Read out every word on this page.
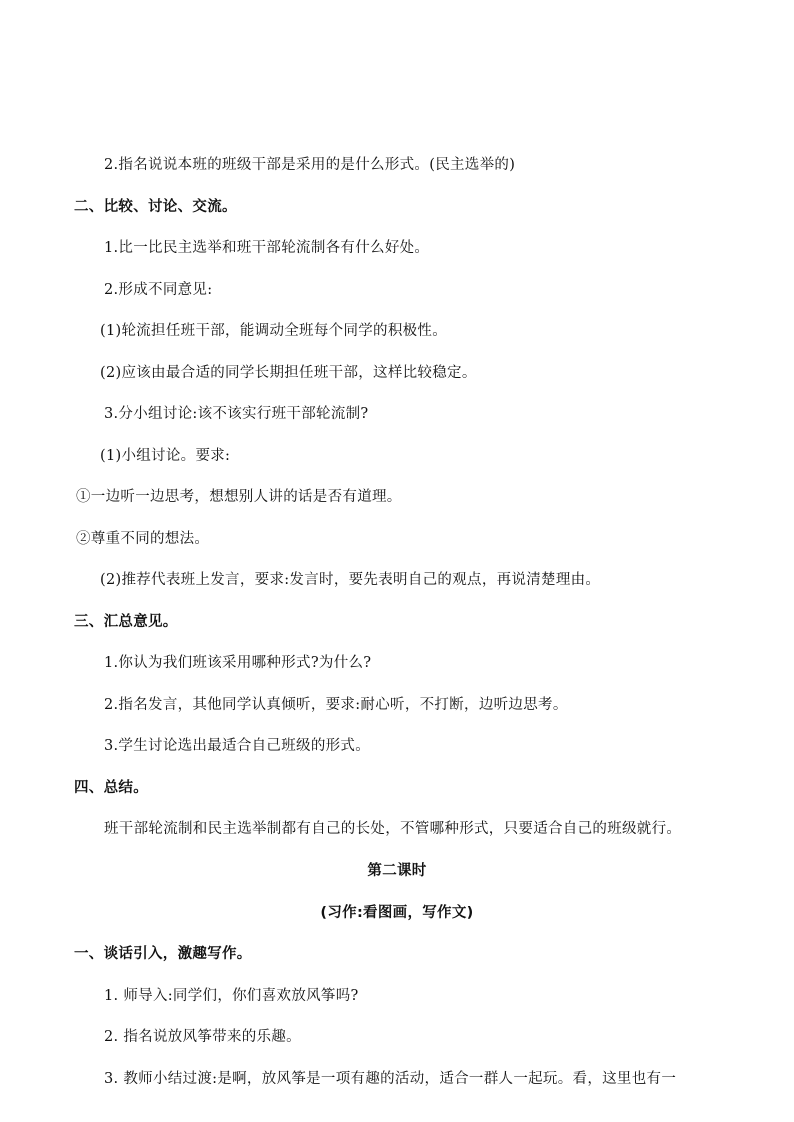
2.指名说说本班的班级干部是采用的是什么形式。(民主选举的)
二、比较、讨论、交流。
1.比一比民主选举和班干部轮流制各有什么好处。
2.形成不同意见:
(1)轮流担任班干部，能调动全班每个同学的积极性。
(2)应该由最合适的同学长期担任班干部，这样比较稳定。
3.分小组讨论:该不该实行班干部轮流制?
(1)小组讨论。要求:
①一边听一边思考，想想别人讲的话是否有道理。
②尊重不同的想法。
(2)推荐代表班上发言，要求:发言时，要先表明自己的观点，再说清楚理由。
三、汇总意见。
1.你认为我们班该采用哪种形式?为什么?
2.指名发言，其他同学认真倾听，要求:耐心听，不打断，边听边思考。
3.学生讨论选出最适合自己班级的形式。
四、总结。
班干部轮流制和民主选举制都有自己的长处，不管哪种形式，只要适合自己的班级就行。
第二课时
(习作:看图画，写作文)
一、谈话引入，激趣写作。
1. 师导入:同学们，你们喜欢放风筝吗?
2. 指名说放风筝带来的乐趣。
3. 教师小结过渡:是啊，放风筝是一项有趣的活动，适合一群人一起玩。看，这里也有一
